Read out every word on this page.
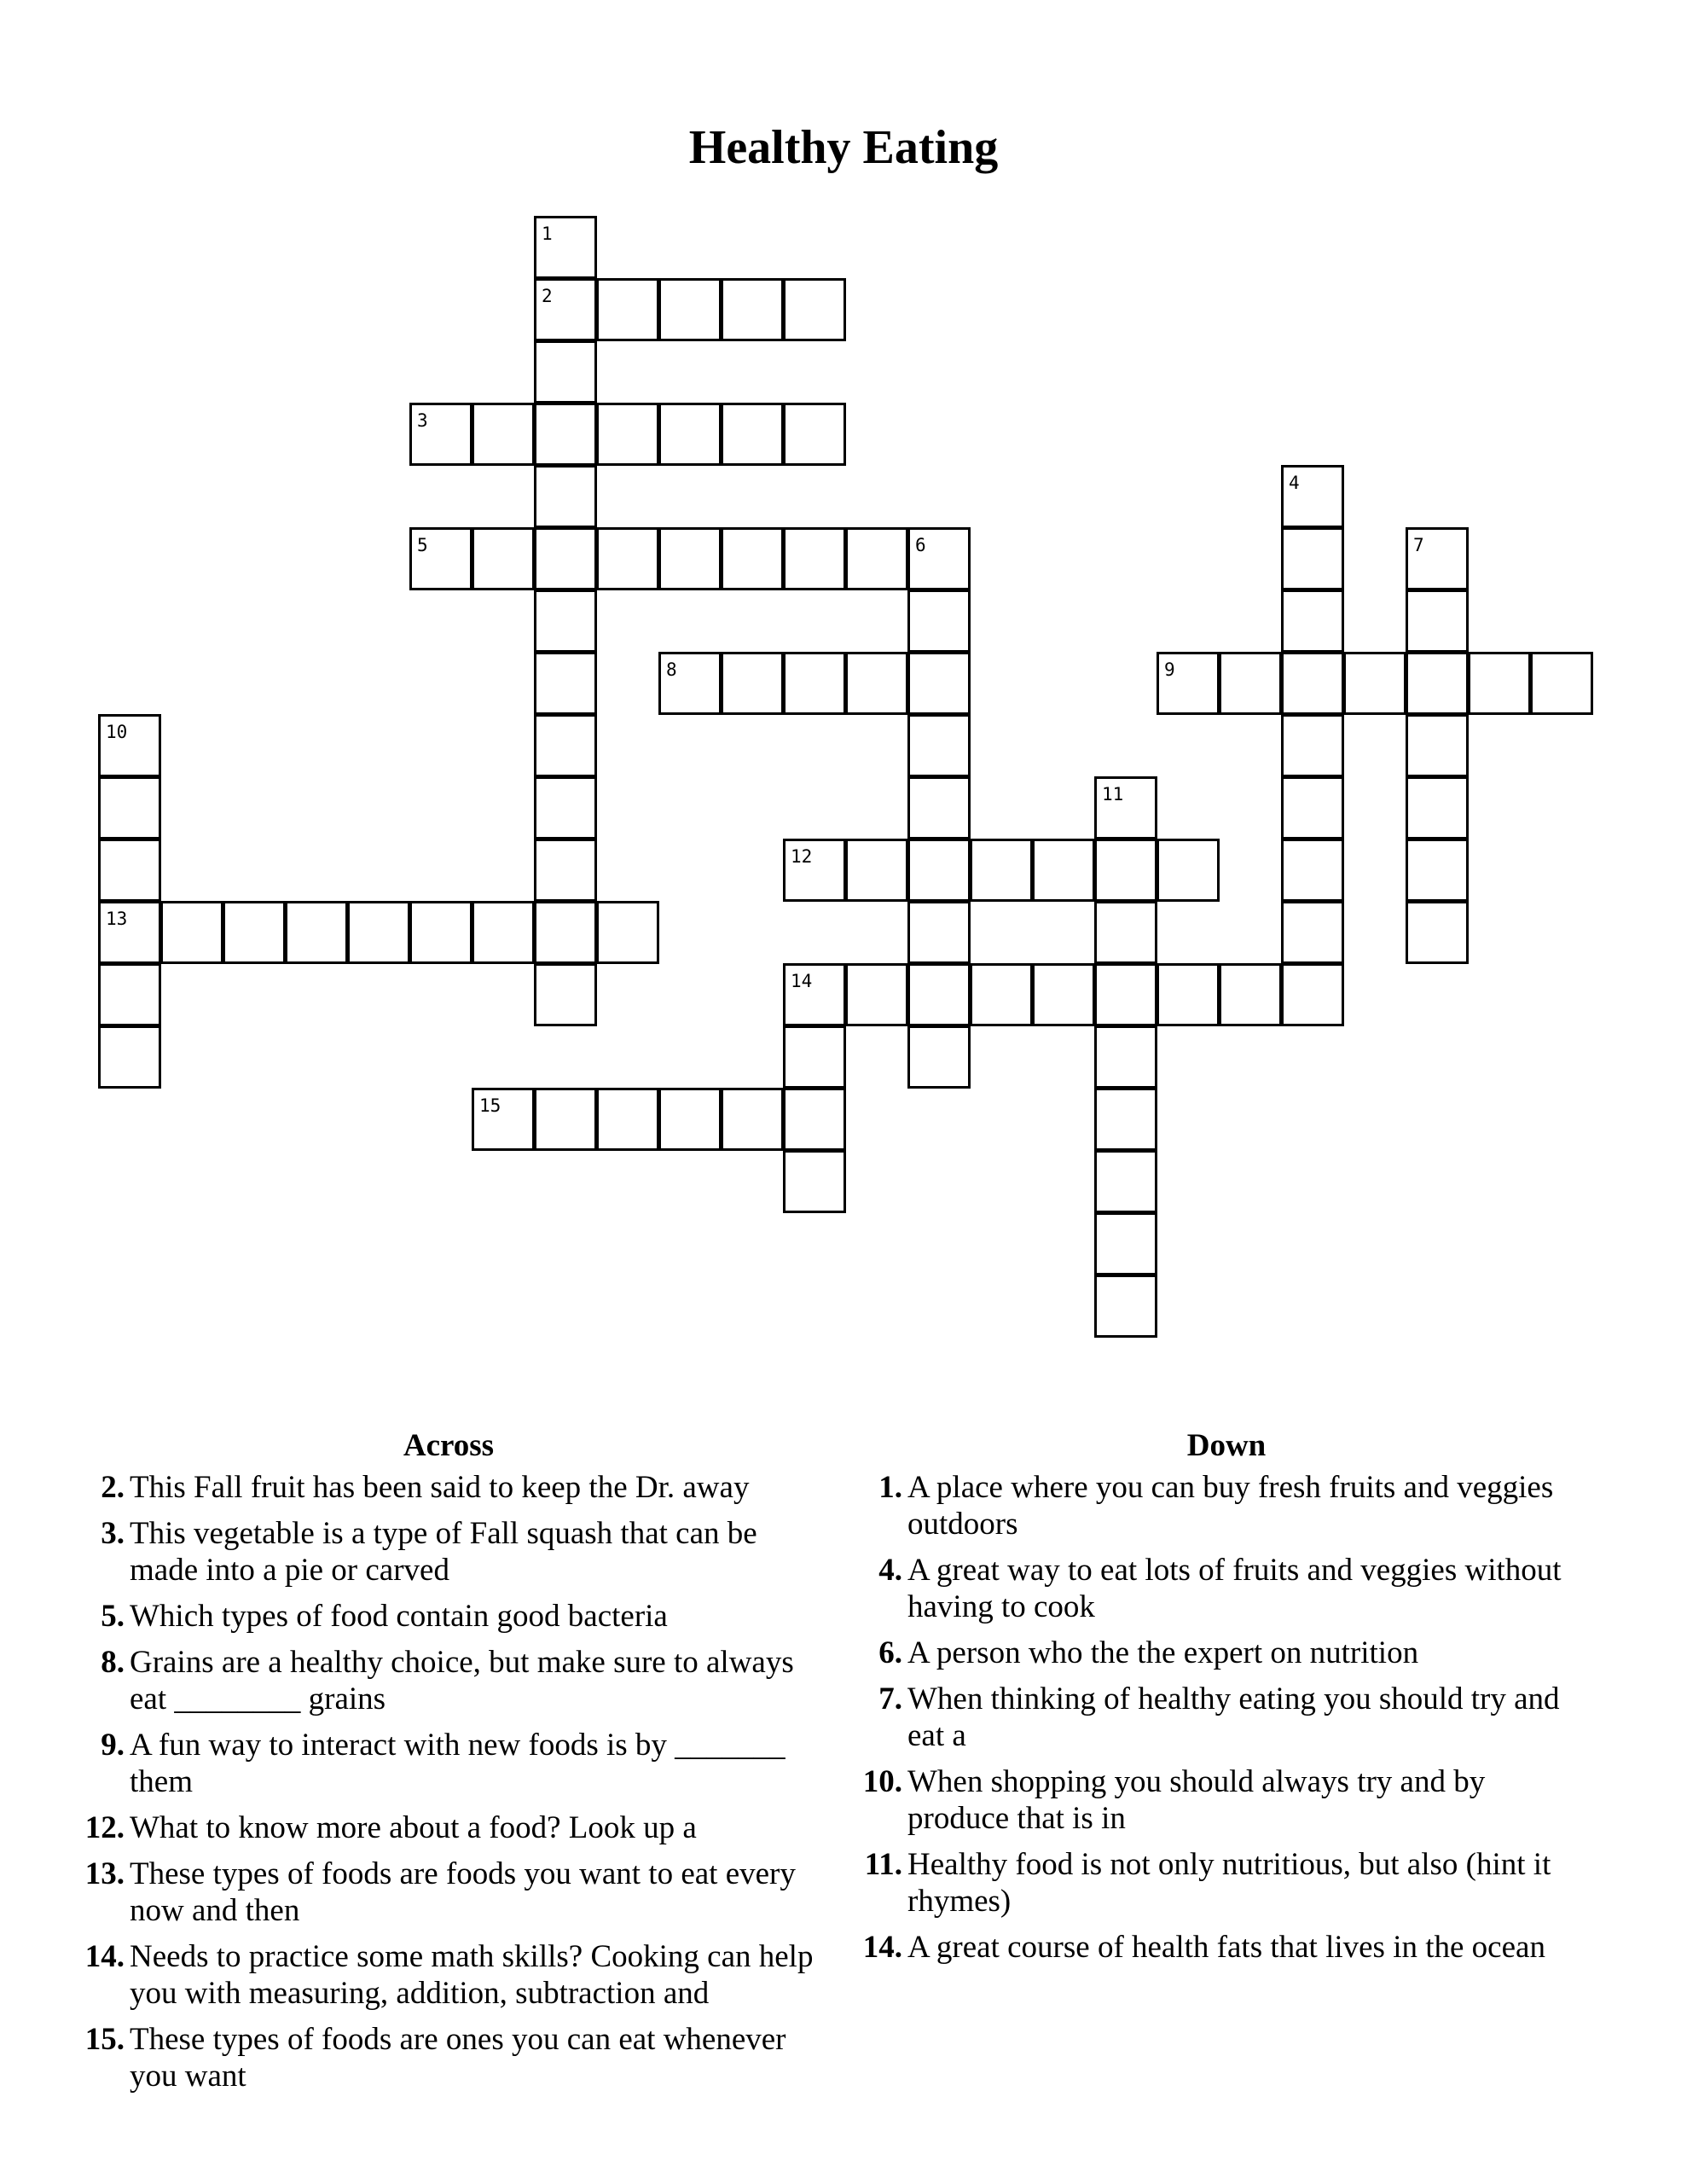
Healthy Eating
1
2
3
4
5	6	7
8	9
10
13
11
12
14
15
Across
2. This Fall fruit has been said to keep the Dr. away
3. This vegetable is a type of Fall squash that can be made into a pie or carved
5. Which types of food contain good bacteria
8. Grains are a healthy choice, but make sure to always eat ________ grains
9. A fun way to interact with new foods is by _______ them
12. What to know more about a food? Look up a
13. These types of foods are foods you want to eat every now and then
14. Needs to practice some math skills? Cooking can help you with measuring, addition, subtraction and
15. These types of foods are ones you can eat whenever you want
Down
1. A place where you can buy fresh fruits and veggies outdoors
4. A great way to eat lots of fruits and veggies without having to cook
6. A person who the the expert on nutrition
7. When thinking of healthy eating you should try and eat a
10. When shopping you should always try and by produce that is in
11. Healthy food is not only nutritious, but also (hint it rhymes)
14. A great course of health fats that lives in the ocean
